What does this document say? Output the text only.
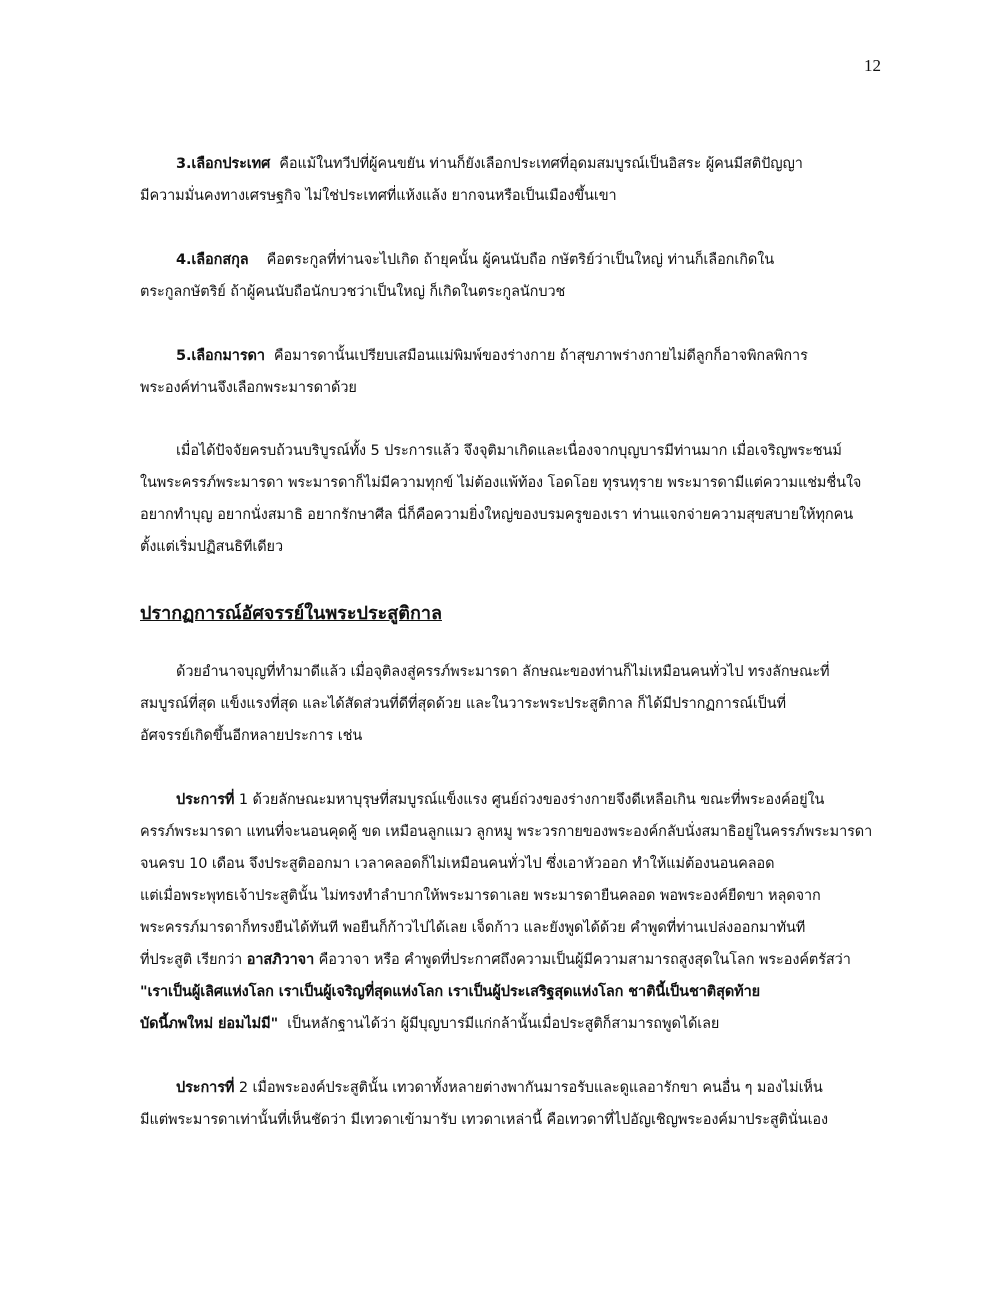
12
3.เลือกประเทศ คือแม้ในทวีปที่ผู้คนขยัน ท่านก็ยังเลือกประเทศที่อุดมสมบูรณ์เป็นอิสระ ผู้คนมีสติปัญญา
มีความมั่นคงทางเศรษฐกิจ ไม่ใช่ประเทศที่แห้งแล้ง ยากจนหรือเป็นเมืองขึ้นเขา
4.เลือกสกุล คือตระกูลที่ท่านจะไปเกิด ถ้ายุคนั้น ผู้คนนับถือ กษัตริย์ว่าเป็นใหญ่ ท่านก็เลือกเกิดใน
ตระกูลกษัตริย์ ถ้าผู้คนนับถือนักบวชว่าเป็นใหญ่ ก็เกิดในตระกูลนักบวช
5.เลือกมารดา คือมารดานั้นเปรียบเสมือนแม่พิมพ์ของร่างกาย ถ้าสุขภาพร่างกายไม่ดีลูกก็อาจพิกลพิการ
พระองค์ท่านจึงเลือกพระมารดาด้วย
เมื่อได้ปัจจัยครบถ้วนบริบูรณ์ทั้ง 5 ประการแล้ว จึงจุติมาเกิดและเนื่องจากบุญบารมีท่านมาก เมื่อเจริญพระชนม์
ในพระครรภ์พระมารดา พระมารดาก็ไม่มีความทุกข์ ไม่ต้องแพ้ท้อง โอดโอย ทุรนทุราย พระมารดามีแต่ความแช่มชื่นใจ
อยากทำบุญ อยากนั่งสมาธิ อยากรักษาศีล นี่ก็คือความยิ่งใหญ่ของบรมครูของเรา ท่านแจกจ่ายความสุขสบายให้ทุกคน
ตั้งแต่เริ่มปฏิสนธิทีเดียว
ปรากฏการณ์อัศจรรย์ในพระประสูติกาล
ด้วยอำนาจบุญที่ทำมาดีแล้ว เมื่อจุติลงสู่ครรภ์พระมารดา ลักษณะของท่านก็ไม่เหมือนคนทั่วไป ทรงลักษณะที่
สมบูรณ์ที่สุด แข็งแรงที่สุด และได้สัดส่วนที่ดีที่สุดด้วย และในวาระพระประสูติกาล ก็ได้มีปรากฏการณ์เป็นที่
อัศจรรย์เกิดขึ้นอีกหลายประการ เช่น
ประการที่ 1 ด้วยลักษณะมหาบุรุษที่สมบูรณ์แข็งแรง ศูนย์ถ่วงของร่างกายจึงดีเหลือเกิน ขณะที่พระองค์อยู่ใน
ครรภ์พระมารดา แทนที่จะนอนคุดคู้ ขด เหมือนลูกแมว ลูกหมู พระวรกายของพระองค์กลับนั่งสมาธิอยู่ในครรภ์พระมารดา
จนครบ 10 เดือน จึงประสูติออกมา เวลาคลอดก็ไม่เหมือนคนทั่วไป ซึ่งเอาหัวออก ทำให้แม่ต้องนอนคลอด
แต่เมื่อพระพุทธเจ้าประสูตินั้น ไม่ทรงทำลำบากให้พระมารดาเลย พระมารดายืนคลอด พอพระองค์ยืดขา หลุดจาก
พระครรภ์มารดาก็ทรงยืนได้ทันที พอยืนก็ก้าวไปได้เลย เจ็ดก้าว และยังพูดได้ด้วย คำพูดที่ท่านเปล่งออกมาทันที
ที่ประสูติ เรียกว่า อาสภิวาจา คือวาจา หรือ คำพูดที่ประกาศถึงความเป็นผู้มีความสามารถสูงสุดในโลก พระองค์ตรัสว่า
"เราเป็นผู้เลิศแห่งโลก เราเป็นผู้เจริญที่สุดแห่งโลก เราเป็นผู้ประเสริฐสุดแห่งโลก ชาตินี้เป็นชาติสุดท้าย
บัดนี้ภพใหม่ ย่อมไม่มี" เป็นหลักฐานได้ว่า ผู้มีบุญบารมีแก่กล้านั้นเมื่อประสูติก็สามารถพูดได้เลย
ประการที่ 2 เมื่อพระองค์ประสูตินั้น เทวดาทั้งหลายต่างพากันมารอรับและดูแลอารักขา คนอื่น ๆ มองไม่เห็น
มีแต่พระมารดาเท่านั้นที่เห็นชัดว่า มีเทวดาเข้ามารับ เทวดาเหล่านี้ คือเทวดาที่ไปอัญเชิญพระองค์มาประสูตินั่นเอง
